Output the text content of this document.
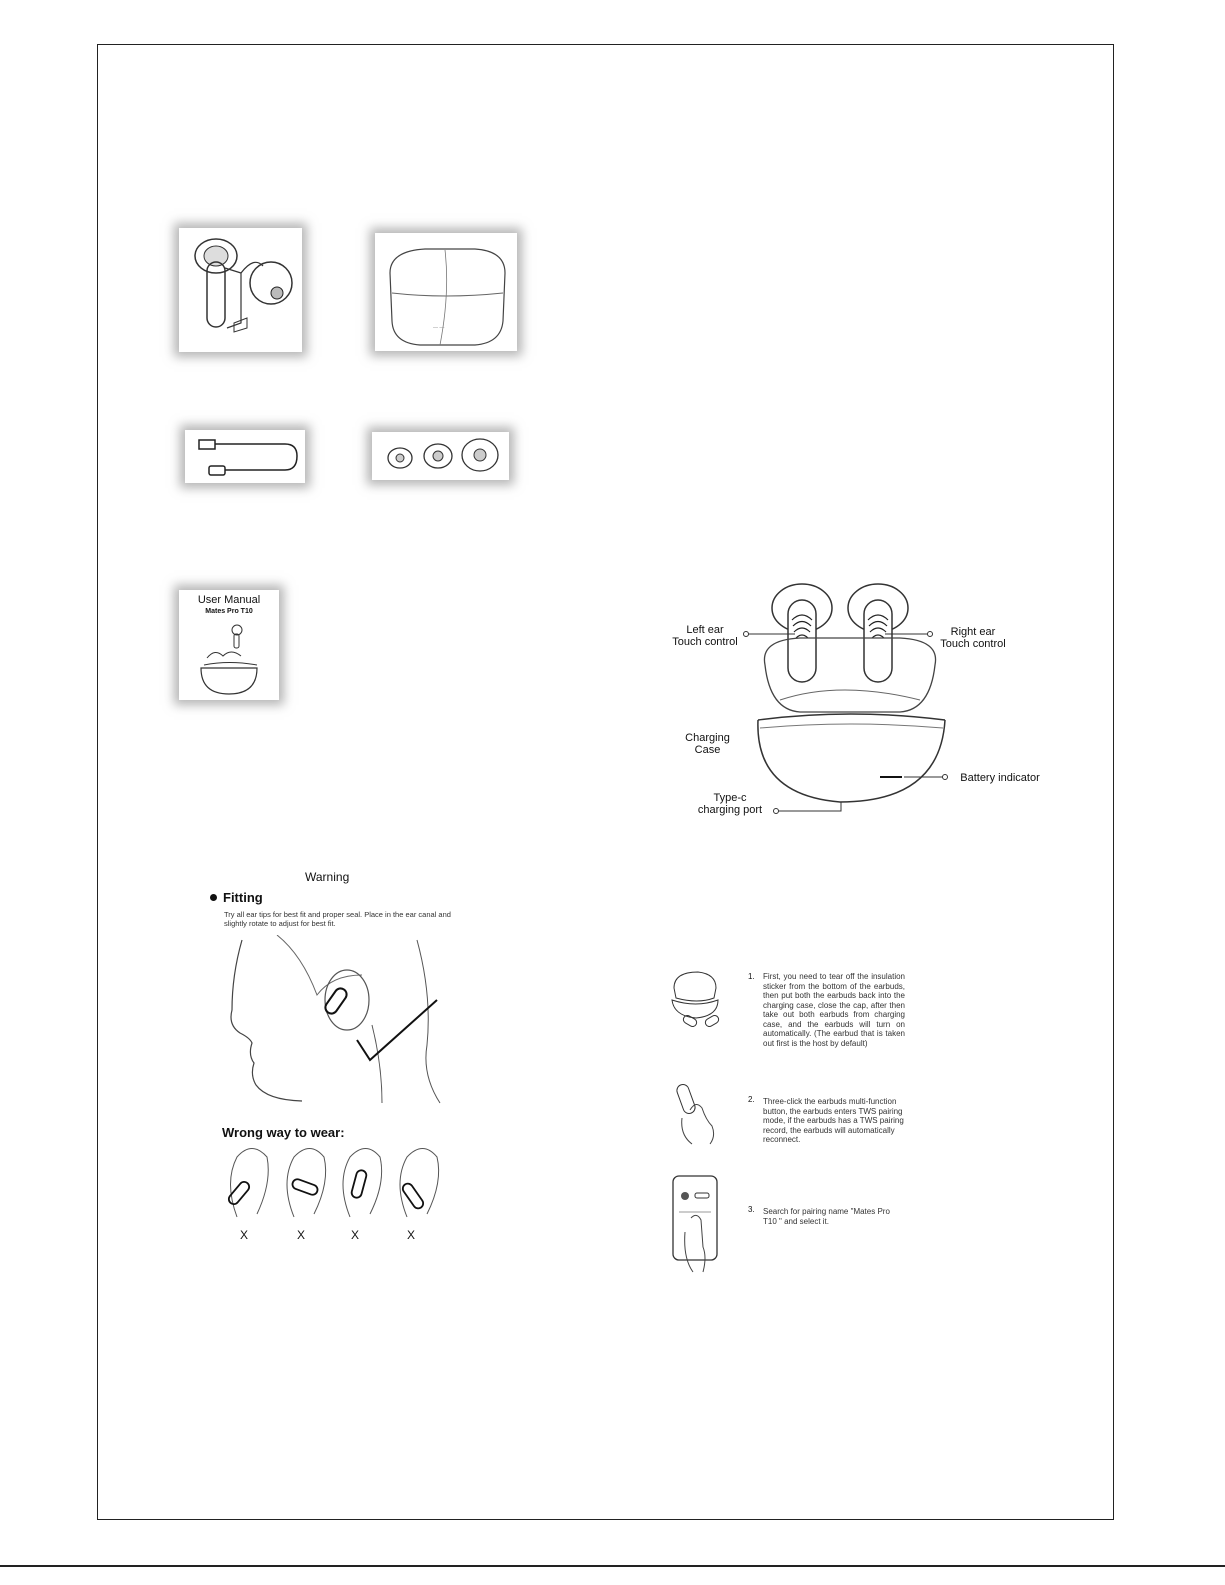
— —
User Manual
Mates Pro T10
Warning
Fitting
Try all ear tips for best fit and proper seal. Place in the ear canal and slightly rotate to adjust for best fit.
Wrong way to wear:
X	X	X	X
Left ear
Touch control
Right ear
Touch control
Charging
Case
Battery indicator
Type-c
charging port
1. First, you need to tear off the insulation sticker from the bottom of the earbuds, then put both the earbuds back into the charging case, close the cap, after then take out both earbuds from charging case, and the earbuds will turn on automatically. (The earbud that is taken out first is the host by default)
2. Three-click the earbuds multi-function button, the earbuds enters TWS pairing mode, if the earbuds has a TWS pairing record, the earbuds will automatically reconnect.
3. Search for pairing name "Mates Pro T10 " and select it.
